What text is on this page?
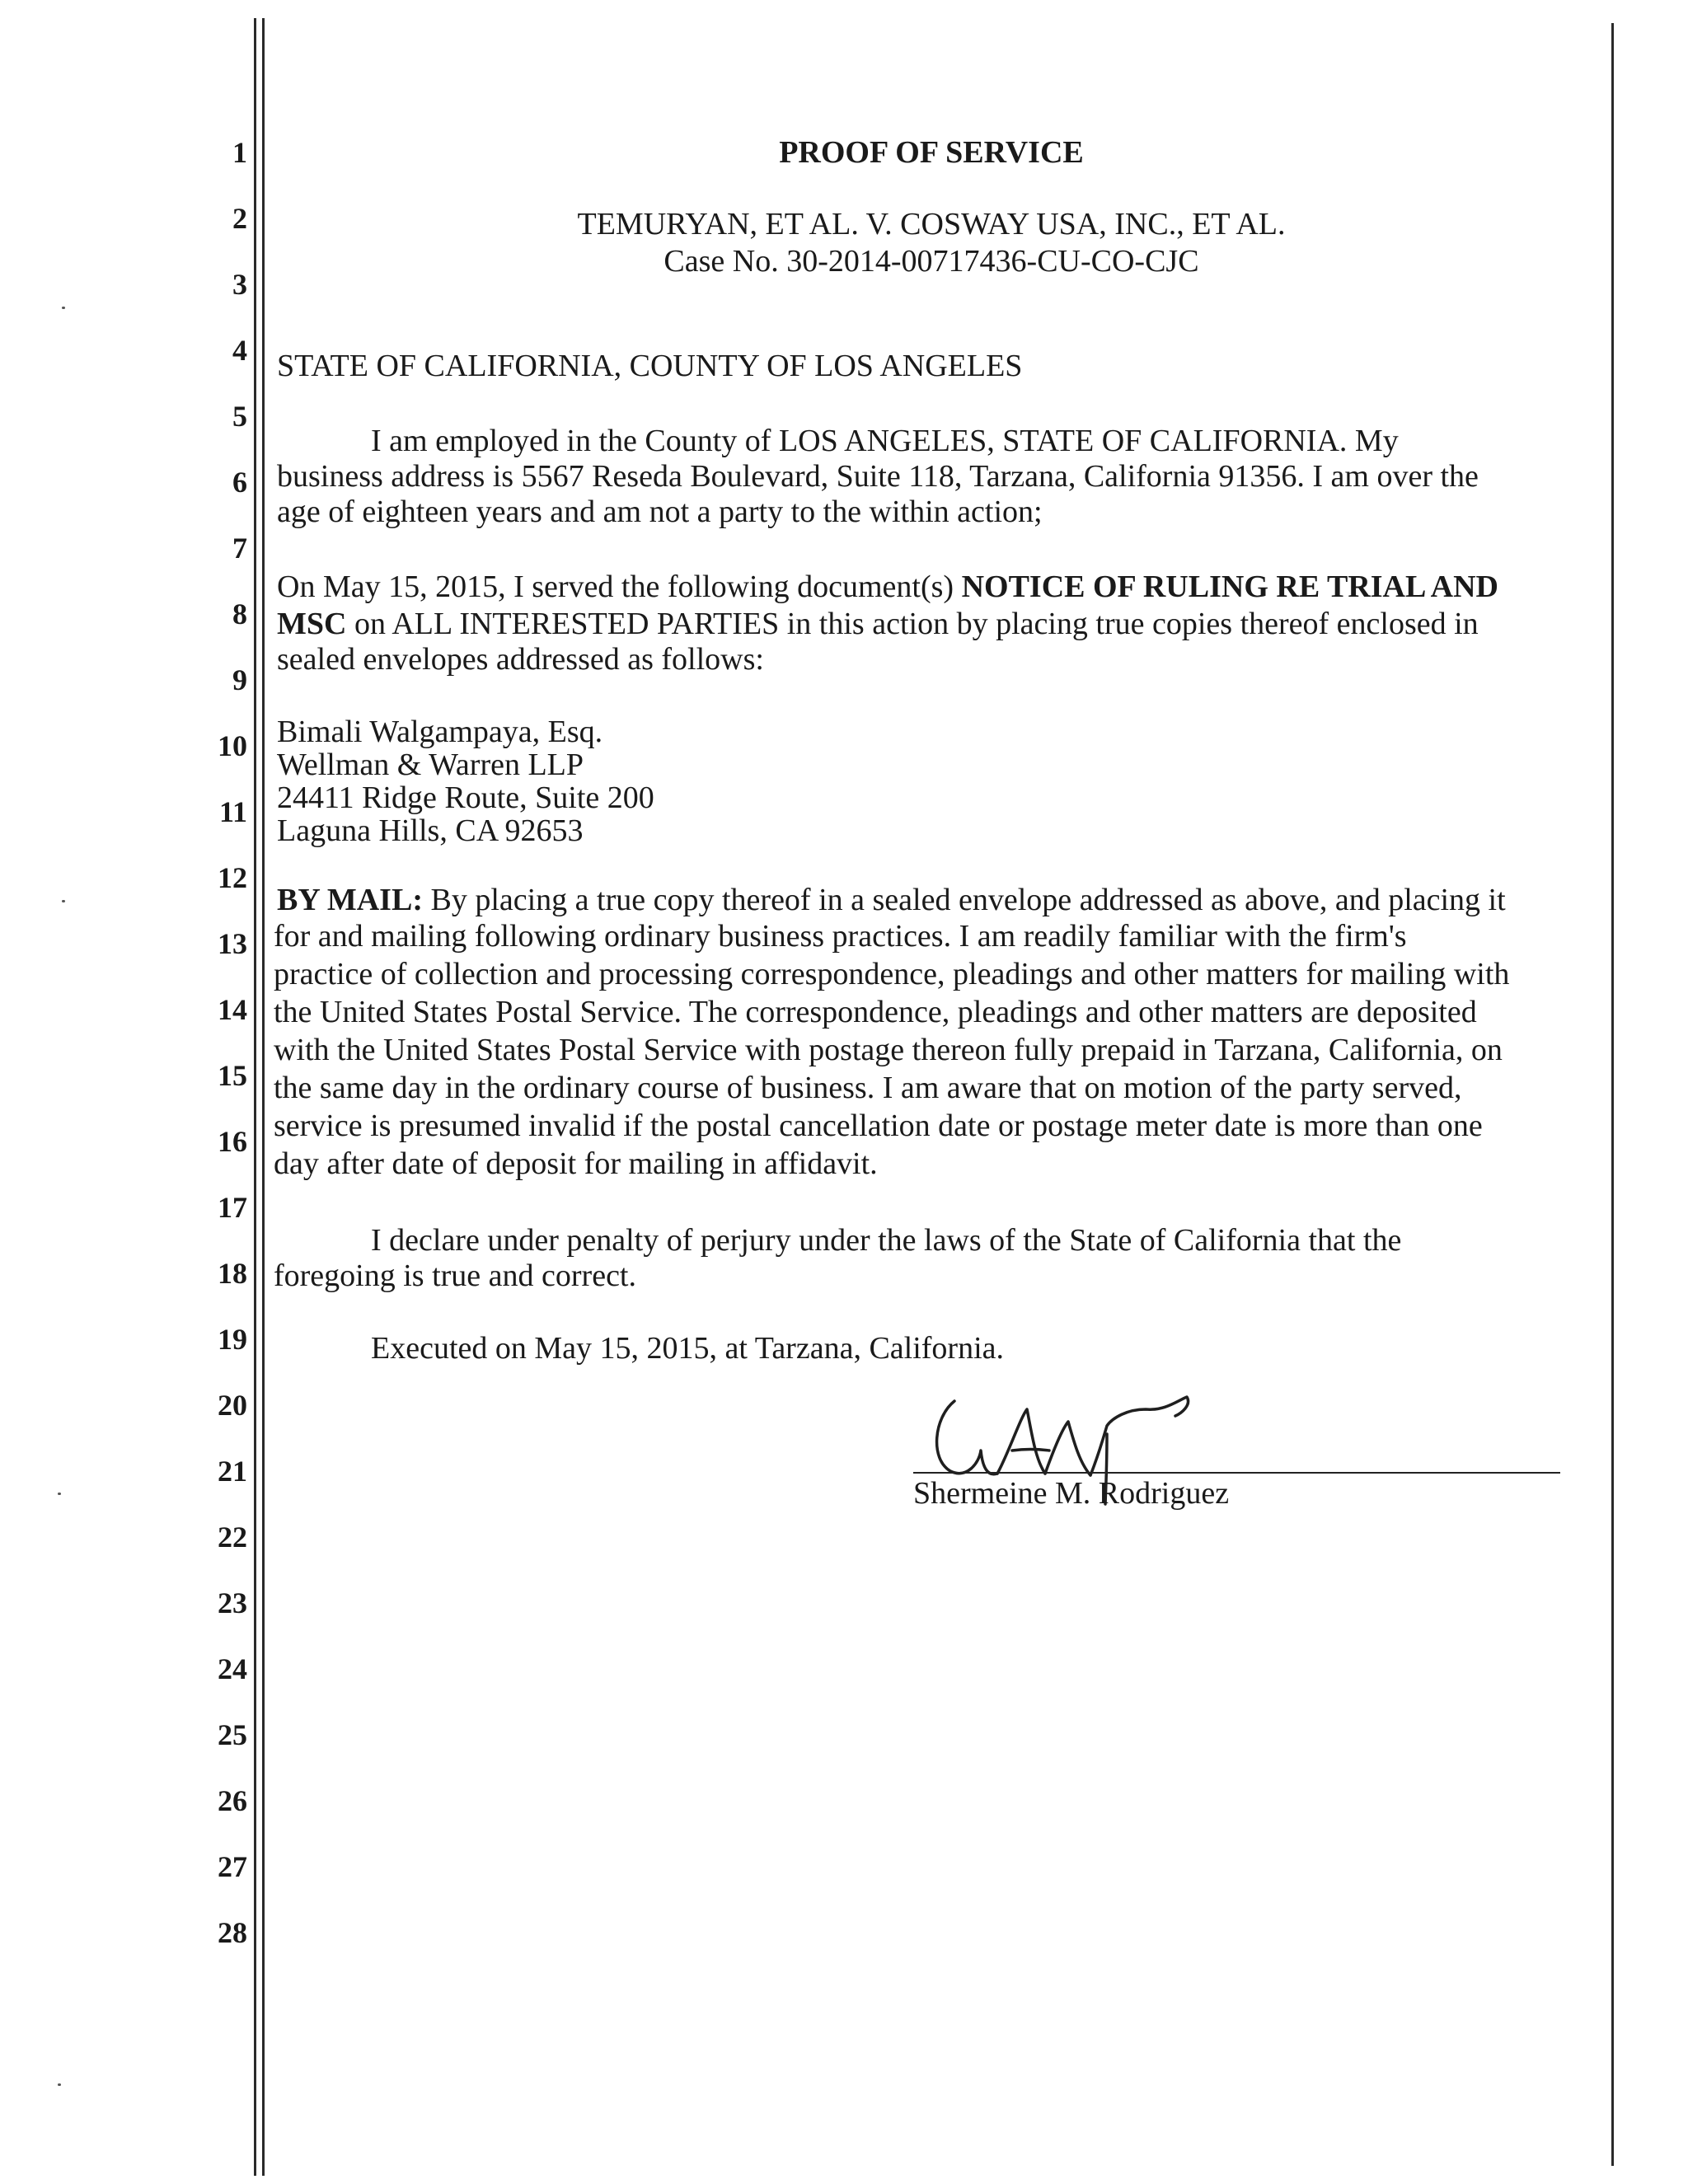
1
2
3
4
5
6
7
8
9
10
11
12
13
14
15
16
17
18
19
20
21
22
23
24
25
26
27
28
PROOF OF SERVICE
TEMURYAN, ET AL. V. COSWAY USA, INC., ET AL.
Case No. 30-2014-00717436-CU-CO-CJC
STATE OF CALIFORNIA, COUNTY OF LOS ANGELES
I am employed in the County of LOS ANGELES, STATE OF CALIFORNIA. My
business address is 5567 Reseda Boulevard, Suite 118, Tarzana, California 91356. I am over the
age of eighteen years and am not a party to the within action;
On May 15, 2015, I served the following document(s) NOTICE OF RULING RE TRIAL AND
MSC on ALL INTERESTED PARTIES in this action by placing true copies thereof enclosed in
sealed envelopes addressed as follows:
Bimali Walgampaya, Esq.
Wellman & Warren LLP
24411 Ridge Route, Suite 200
Laguna Hills, CA 92653
BY MAIL: By placing a true copy thereof in a sealed envelope addressed as above, and placing it
for and mailing following ordinary business practices. I am readily familiar with the firm's
practice of collection and processing correspondence, pleadings and other matters for mailing with
the United States Postal Service. The correspondence, pleadings and other matters are deposited
with the United States Postal Service with postage thereon fully prepaid in Tarzana, California, on
the same day in the ordinary course of business. I am aware that on motion of the party served,
service is presumed invalid if the postal cancellation date or postage meter date is more than one
day after date of deposit for mailing in affidavit.
I declare under penalty of perjury under the laws of the State of California that the
foregoing is true and correct.
Executed on May 15, 2015, at Tarzana, California.
Shermeine M. Rodriguez
